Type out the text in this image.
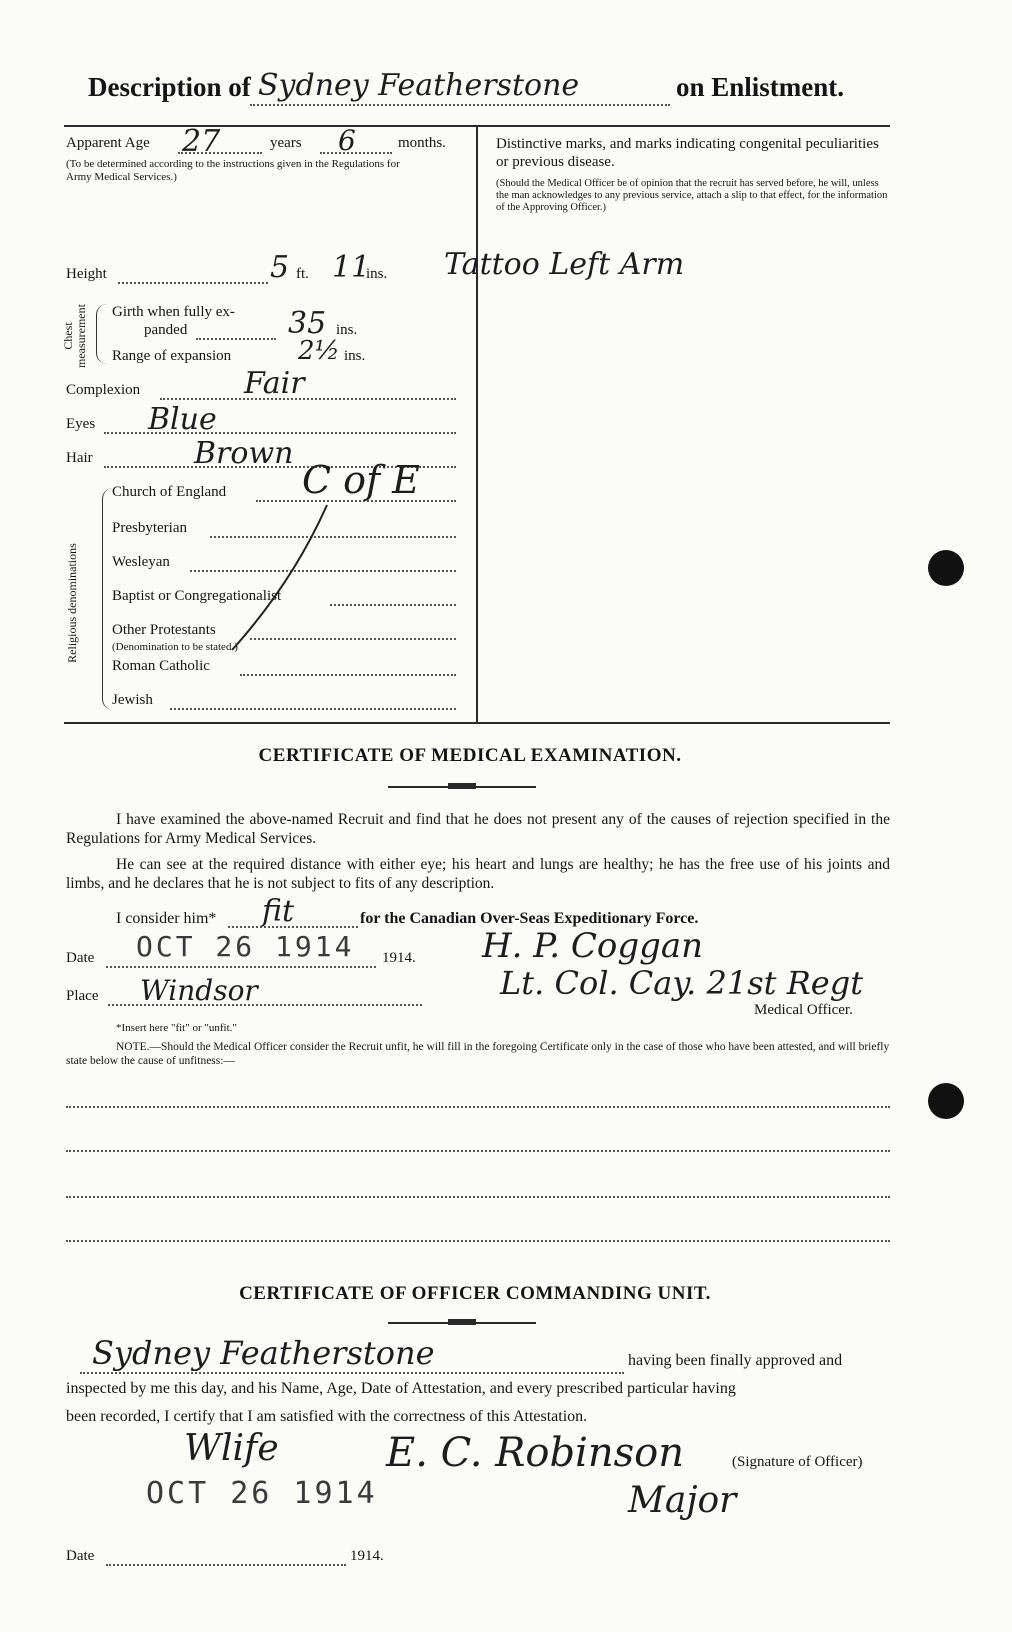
Description of Sydney Featherstone	on Enlistment.
Apparent Age 27	years 6	months.
(To be determined according to the instructions given in the Regulations for Army Medical Services.)
Distinctive marks, and marks indicating congenital peculiarities or previous disease.
(Should the Medical Officer be of opinion that the recruit has served before, he will, unless the man acknowledges to any previous service, attach a slip to that effect, for the information of the Approving Officer.)
Tattoo Left Arm
Height	5 ft. 11
ins.
Chest measurement Girth when fully ex-
panded	35 ins.
Range of expansion	2½ ins.
Complexion	Fair
Eyes Blue
Hair	Brown
Religious denominations
Church of England C of E
Presbyterian
Wesleyan
Baptist or Congregationalist
Other Protestants
(Denomination to be stated.)
Roman Catholic
Jewish
CERTIFICATE OF MEDICAL EXAMINATION.
I have examined the above-named Recruit and find that he does not present any of the causes of rejection specified in the Regulations for Army Medical Services.
He can see at the required distance with either eye; his heart and lungs are healthy; he has the free use of his joints and limbs, and he declares that he is not subject to fits of any description.
I consider him* fit	for the Canadian Over-Seas Expeditionary Force.
Date OCT 26 1914 1914.
Place Windsor
H. P. Coggan
Lt. Col. Cay. 21st Regt
Medical Officer.
*Insert here "fit" or "unfit."
NOTE.—Should the Medical Officer consider the Recruit unfit, he will fill in the foregoing Certificate only in the case of those who have been attested, and will briefly state below the cause of unfitness:—
CERTIFICATE OF OFFICER COMMANDING UNIT.
Sydney Featherstone	having been finally approved and
inspected by me this day, and his Name, Age, Date of Attestation, and every prescribed particular having
been recorded, I certify that I am satisfied with the correctness of this Attestation.
Wlife
OCT 26 1914
E. C. Robinson	(Signature of Officer)
Major
Date	1914.
